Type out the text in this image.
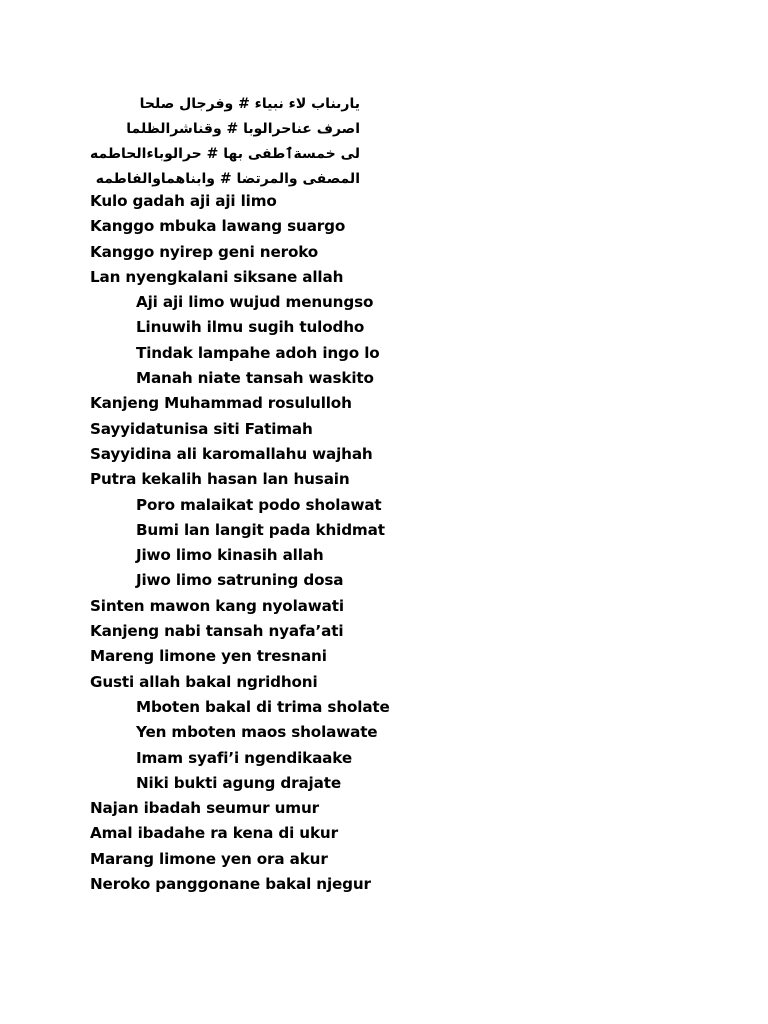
يارىناب لاء نبياء # وفرجال صلحا
اصرف عناحرالوبا # وقناشرالظلما
لى خمسةٱطفى بها # حرالوباءالحاطمه
المصفى والمرتضا # وابناهماوالفاطمه
Kulo gadah aji aji limo
Kanggo mbuka lawang suargo
Kanggo nyirep geni neroko
Lan nyengkalani siksane allah
Aji aji limo wujud menungso
Linuwih ilmu sugih tulodho
Tindak lampahe adoh ingo lo
Manah niate tansah waskito
Kanjeng Muhammad rosululloh
Sayyidatunisa siti Fatimah
Sayyidina ali karomallahu wajhah
Putra kekalih hasan lan husain
Poro malaikat podo sholawat
Bumi lan langit pada khidmat
Jiwo limo kinasih allah
Jiwo limo satruning dosa
Sinten mawon kang nyolawati
Kanjeng nabi tansah nyafa’ati
Mareng limone yen tresnani
Gusti allah bakal ngridhoni
Mboten bakal di trima sholate
Yen mboten maos sholawate
Imam syafi’i ngendikaake
Niki bukti agung drajate
Najan ibadah seumur umur
Amal ibadahe ra kena di ukur
Marang limone yen ora akur
Neroko panggonane bakal njegur
